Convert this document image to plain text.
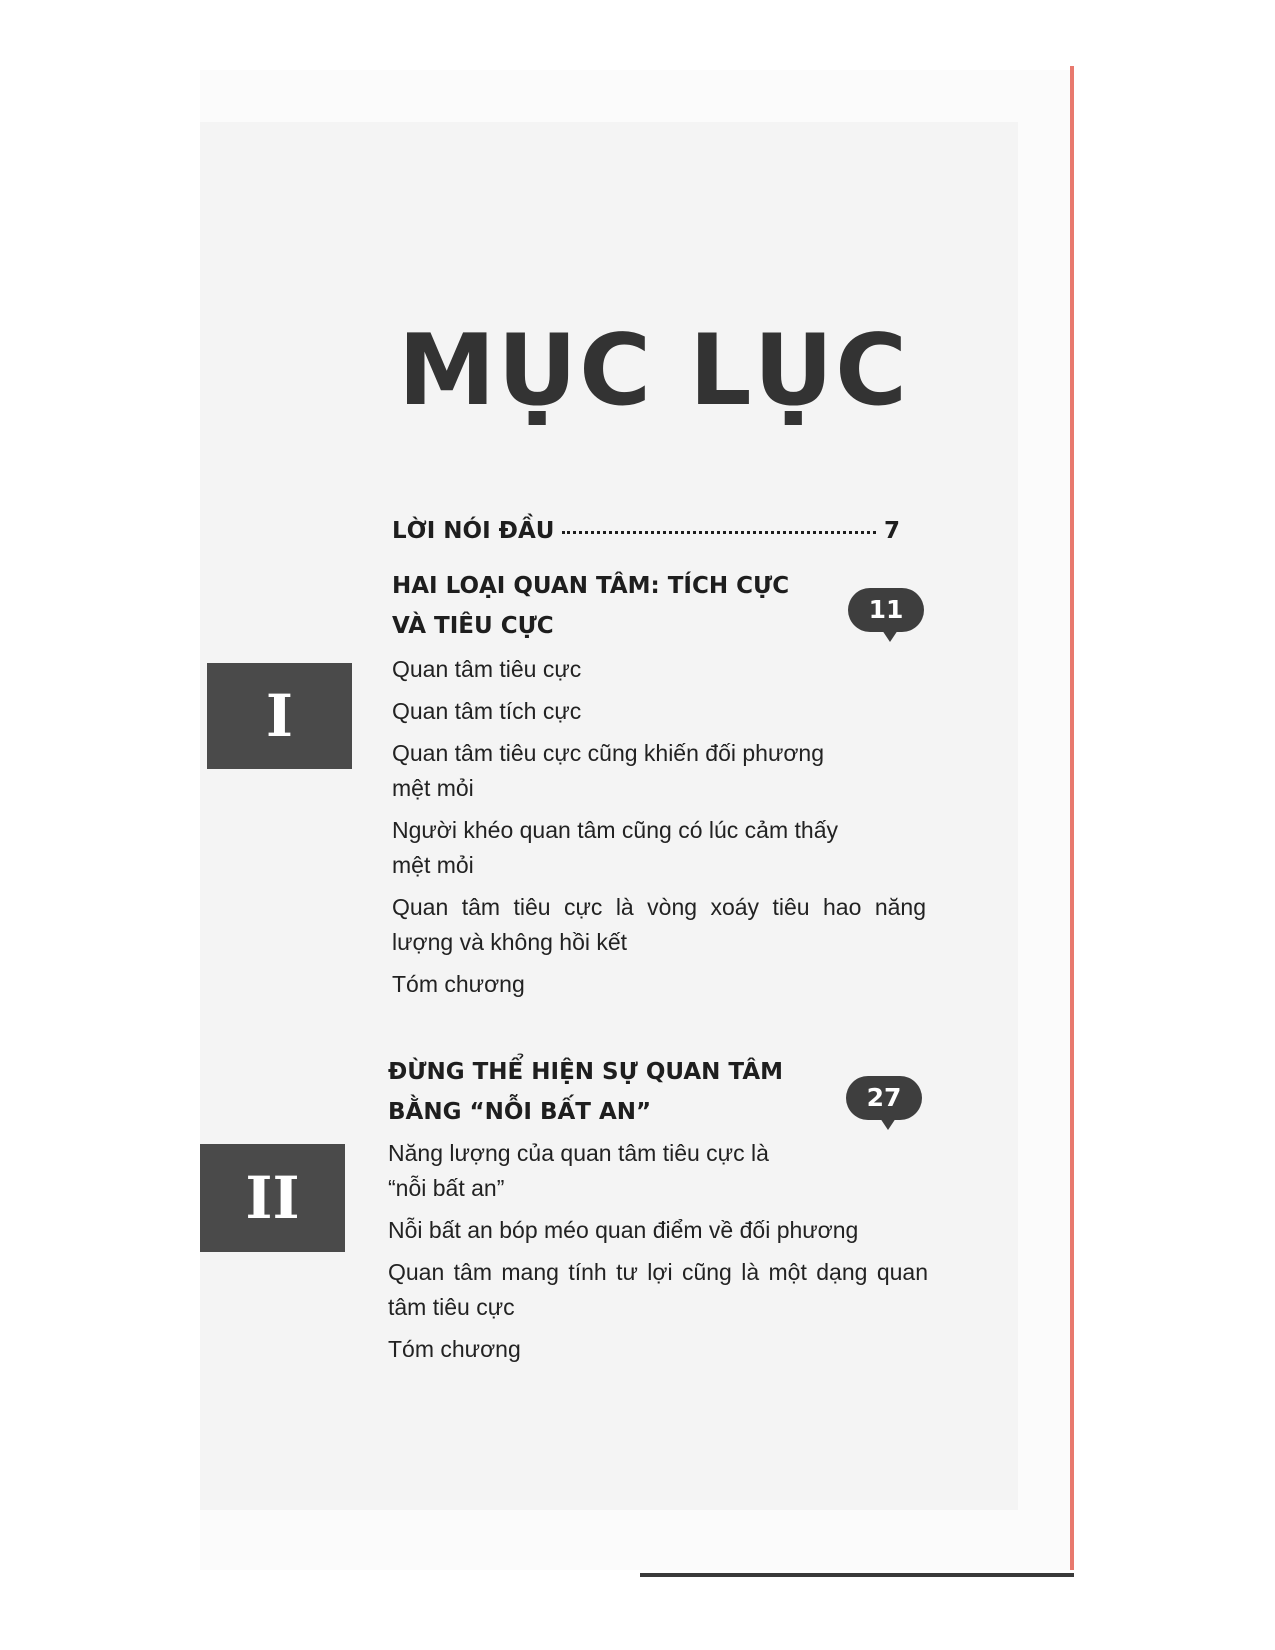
MỤC LỤC
LỜI NÓI ĐẦU	7
HAI LOẠI QUAN TÂM: TÍCH CỰC
VÀ TIÊU CỰC
11
I
Quan tâm tiêu cực
Quan tâm tích cực
Quan tâm tiêu cực cũng khiến đối phương mệt mỏi
Người khéo quan tâm cũng có lúc cảm thấy mệt mỏi
Quan tâm tiêu cực là vòng xoáy tiêu hao năng lượng và không hồi kết
Tóm chương
ĐỪNG THỂ HIỆN SỰ QUAN TÂM
BẰNG “NỖI BẤT AN”	27
II
Năng lượng của quan tâm tiêu cực là “nỗi bất an”
Nỗi bất an bóp méo quan điểm về đối phương
Quan tâm mang tính tư lợi cũng là một dạng quan tâm tiêu cực
Tóm chương
